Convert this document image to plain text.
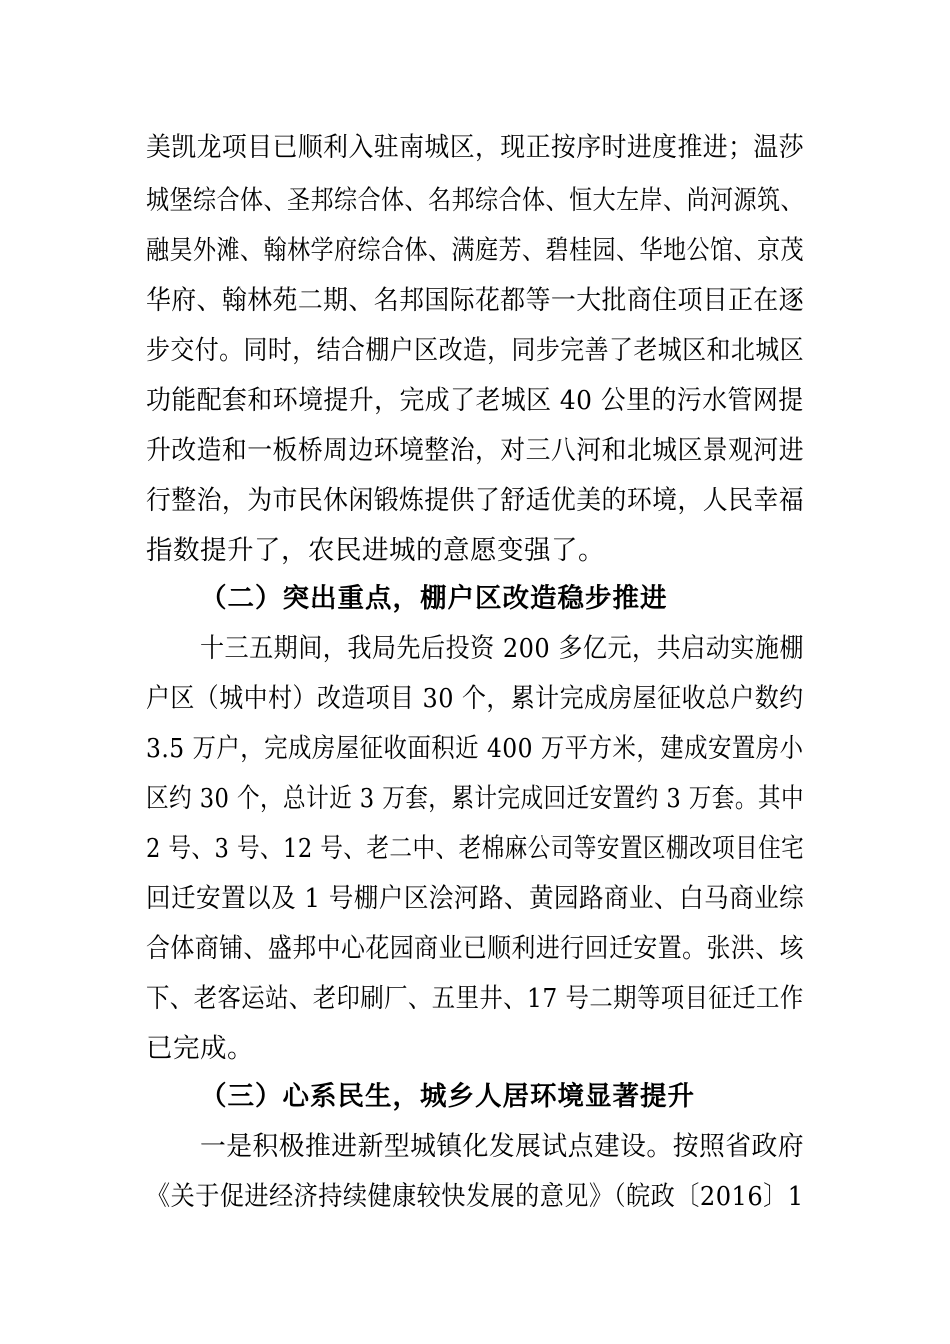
美凯龙项目已顺利入驻南城区，现正按序时进度推进；温莎
城堡综合体、圣邦综合体、名邦综合体、恒大左岸、尚河源筑、
融昊外滩、翰林学府综合体、满庭芳、碧桂园、华地公馆、京茂
华府、翰林苑二期、名邦国际花都等一大批商住项目正在逐
步交付。同时，结合棚户区改造，同步完善了老城区和北城区
功能配套和环境提升，完成了老城区 40 公里的污水管网提
升改造和一板桥周边环境整治，对三八河和北城区景观河进
行整治，为市民休闲锻炼提供了舒适优美的环境，人民幸福
指数提升了，农民进城的意愿变强了。
（二）突出重点，棚户区改造稳步推进
十三五期间，我局先后投资 200 多亿元，共启动实施棚
户区（城中村）改造项目 30 个，累计完成房屋征收总户数约
3.5 万户，完成房屋征收面积近 400 万平方米，建成安置房小
区约 30 个，总计近 3 万套，累计完成回迁安置约 3 万套。其中
2 号、3 号、12 号、老二中、老棉麻公司等安置区棚改项目住宅
回迁安置以及 1 号棚户区浍河路、黄园路商业、白马商业综
合体商铺、盛邦中心花园商业已顺利进行回迁安置。张洪、垓
下、老客运站、老印刷厂、五里井、17 号二期等项目征迁工作
已完成。
（三）心系民生，城乡人居环境显著提升
一是积极推进新型城镇化发展试点建设。按照省政府
《关于促进经济持续健康较快发展的意见》（皖政〔2016〕1
